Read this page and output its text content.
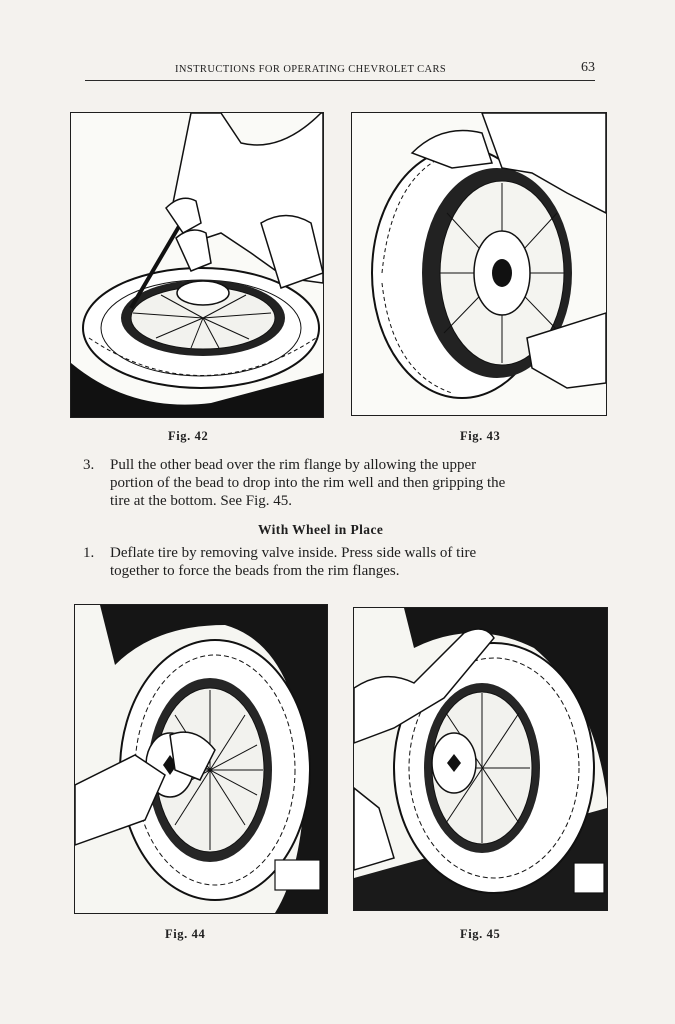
INSTRUCTIONS FOR OPERATING CHEVROLET CARS	63
Fig. 42	Fig. 43
3. Pull the other bead over the rim flange by allowing the upper
portion of the bead to drop into the rim well and then gripping the
tire at the bottom. See Fig. 45.
With Wheel in Place
1. Deflate tire by removing valve inside. Press side walls of tire
together to force the beads from the rim flanges.
Fig. 44	Fig. 45
